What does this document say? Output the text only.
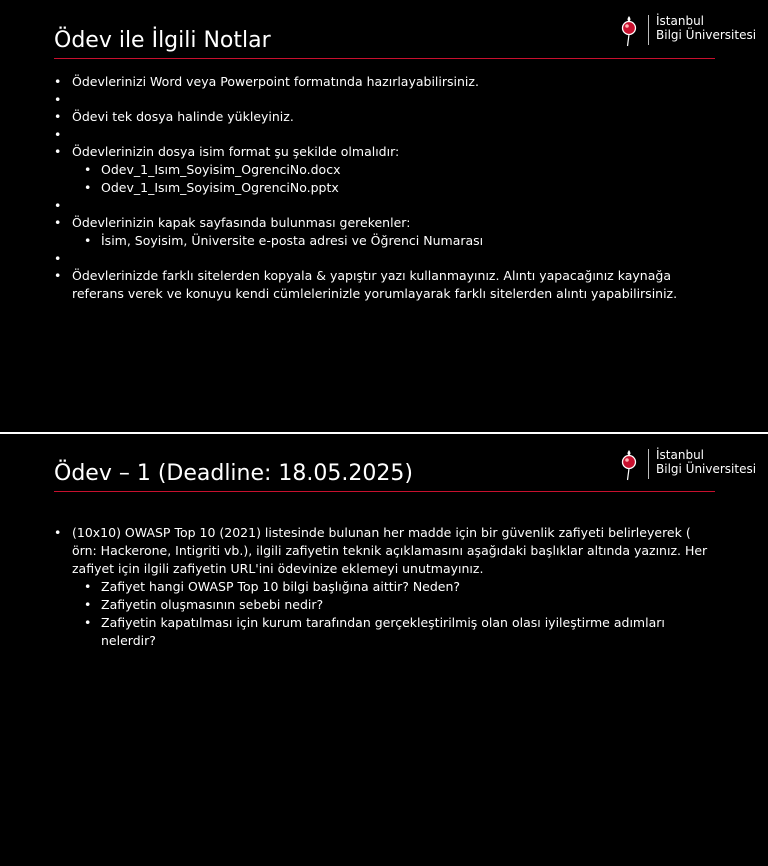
Ödev ile İlgili Notlar
İstanbul
Bilgi Üniversitesi
• Ödevlerinizi Word veya Powerpoint formatında hazırlayabilirsiniz.
•
• Ödevi tek dosya halinde yükleyiniz.
•
• Ödevlerinizin dosya isim format şu şekilde olmalıdır:
• Odev_1_Isım_Soyisim_OgrenciNo.docx
• Odev_1_Isım_Soyisim_OgrenciNo.pptx
•
• Ödevlerinizin kapak sayfasında bulunması gerekenler:
• İsim, Soyisim, Üniversite e-posta adresi ve Öğrenci Numarası
•
• Ödevlerinizde farklı sitelerden kopyala & yapıştır yazı kullanmayınız. Alıntı yapacağınız kaynağa referans verek ve konuyu kendi cümlelerinizle yorumlayarak farklı sitelerden alıntı yapabilirsiniz.
Ödev – 1 (Deadline: 18.05.2025)
İstanbul
Bilgi Üniversitesi
• (10x10) OWASP Top 10 (2021) listesinde bulunan her madde için bir güvenlik zafiyeti belirleyerek ( örn: Hackerone, Intigriti vb.), ilgili zafiyetin teknik açıklamasını aşağıdaki başlıklar altında yazınız. Her zafiyet için ilgili zafiyetin URL'ini ödevinize eklemeyi unutmayınız.
• Zafiyet hangi OWASP Top 10 bilgi başlığına aittir? Neden?
• Zafiyetin oluşmasının sebebi nedir?
• Zafiyetin kapatılması için kurum tarafından gerçekleştirilmiş olan olası iyileştirme adımları nelerdir?
